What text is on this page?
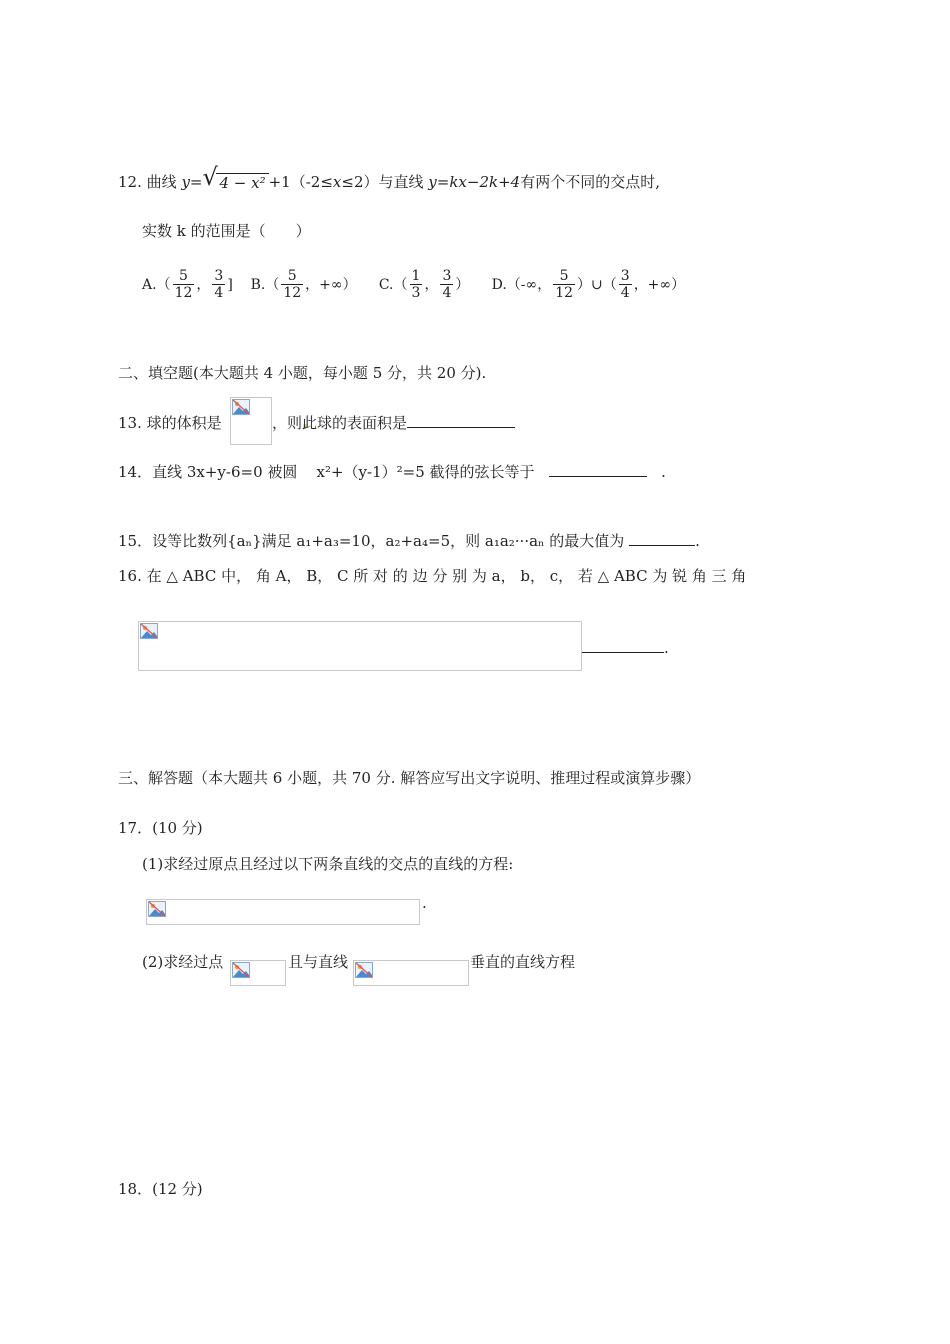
12. 曲线 y= √ 4 − x² +1（-2≤x≤2）与直线 y=kx−2k+4有两个不同的交点时,
实数 k 的范围是（　　）
$A.( \frac{5}{12}$ ， $\frac{3}{4}$ ] $B.( \frac{5}{12}$ ，+∞） $C.( \frac{1}{3}$ ， $\frac{3}{4}$ ） D.（-∞， $\frac{5}{12}$ ）∪（ $\frac{3}{4}$ ，+∞）
二、填空题(本大题共 4 小题，每小题 5 分，共 20 分).
13. 球的体积是	，则此球的表面积是
14．直线 3x+y-6=0 被圆 x²+（y-1）²=5 截得的弦长等于	.
15．设等比数列{aₙ}满足 a₁+a₃=10，a₂+a₄=5，则 a₁a₂···aₙ 的最大值为	.
16. 在 △ ABC 中， 角 A， B， C 所 对 的 边 分 别 为 a， b， c， 若 △ ABC 为 锐 角 三 角
.
三、解答题（本大题共 6 小题，共 70 分. 解答应写出文字说明、推理过程或演算步骤）
17．(10 分)
(1)求经过原点且经过以下两条直线的交点的直线的方程:
.
(2)求经过点	且与直线	垂直的直线方程
18．(12 分)
